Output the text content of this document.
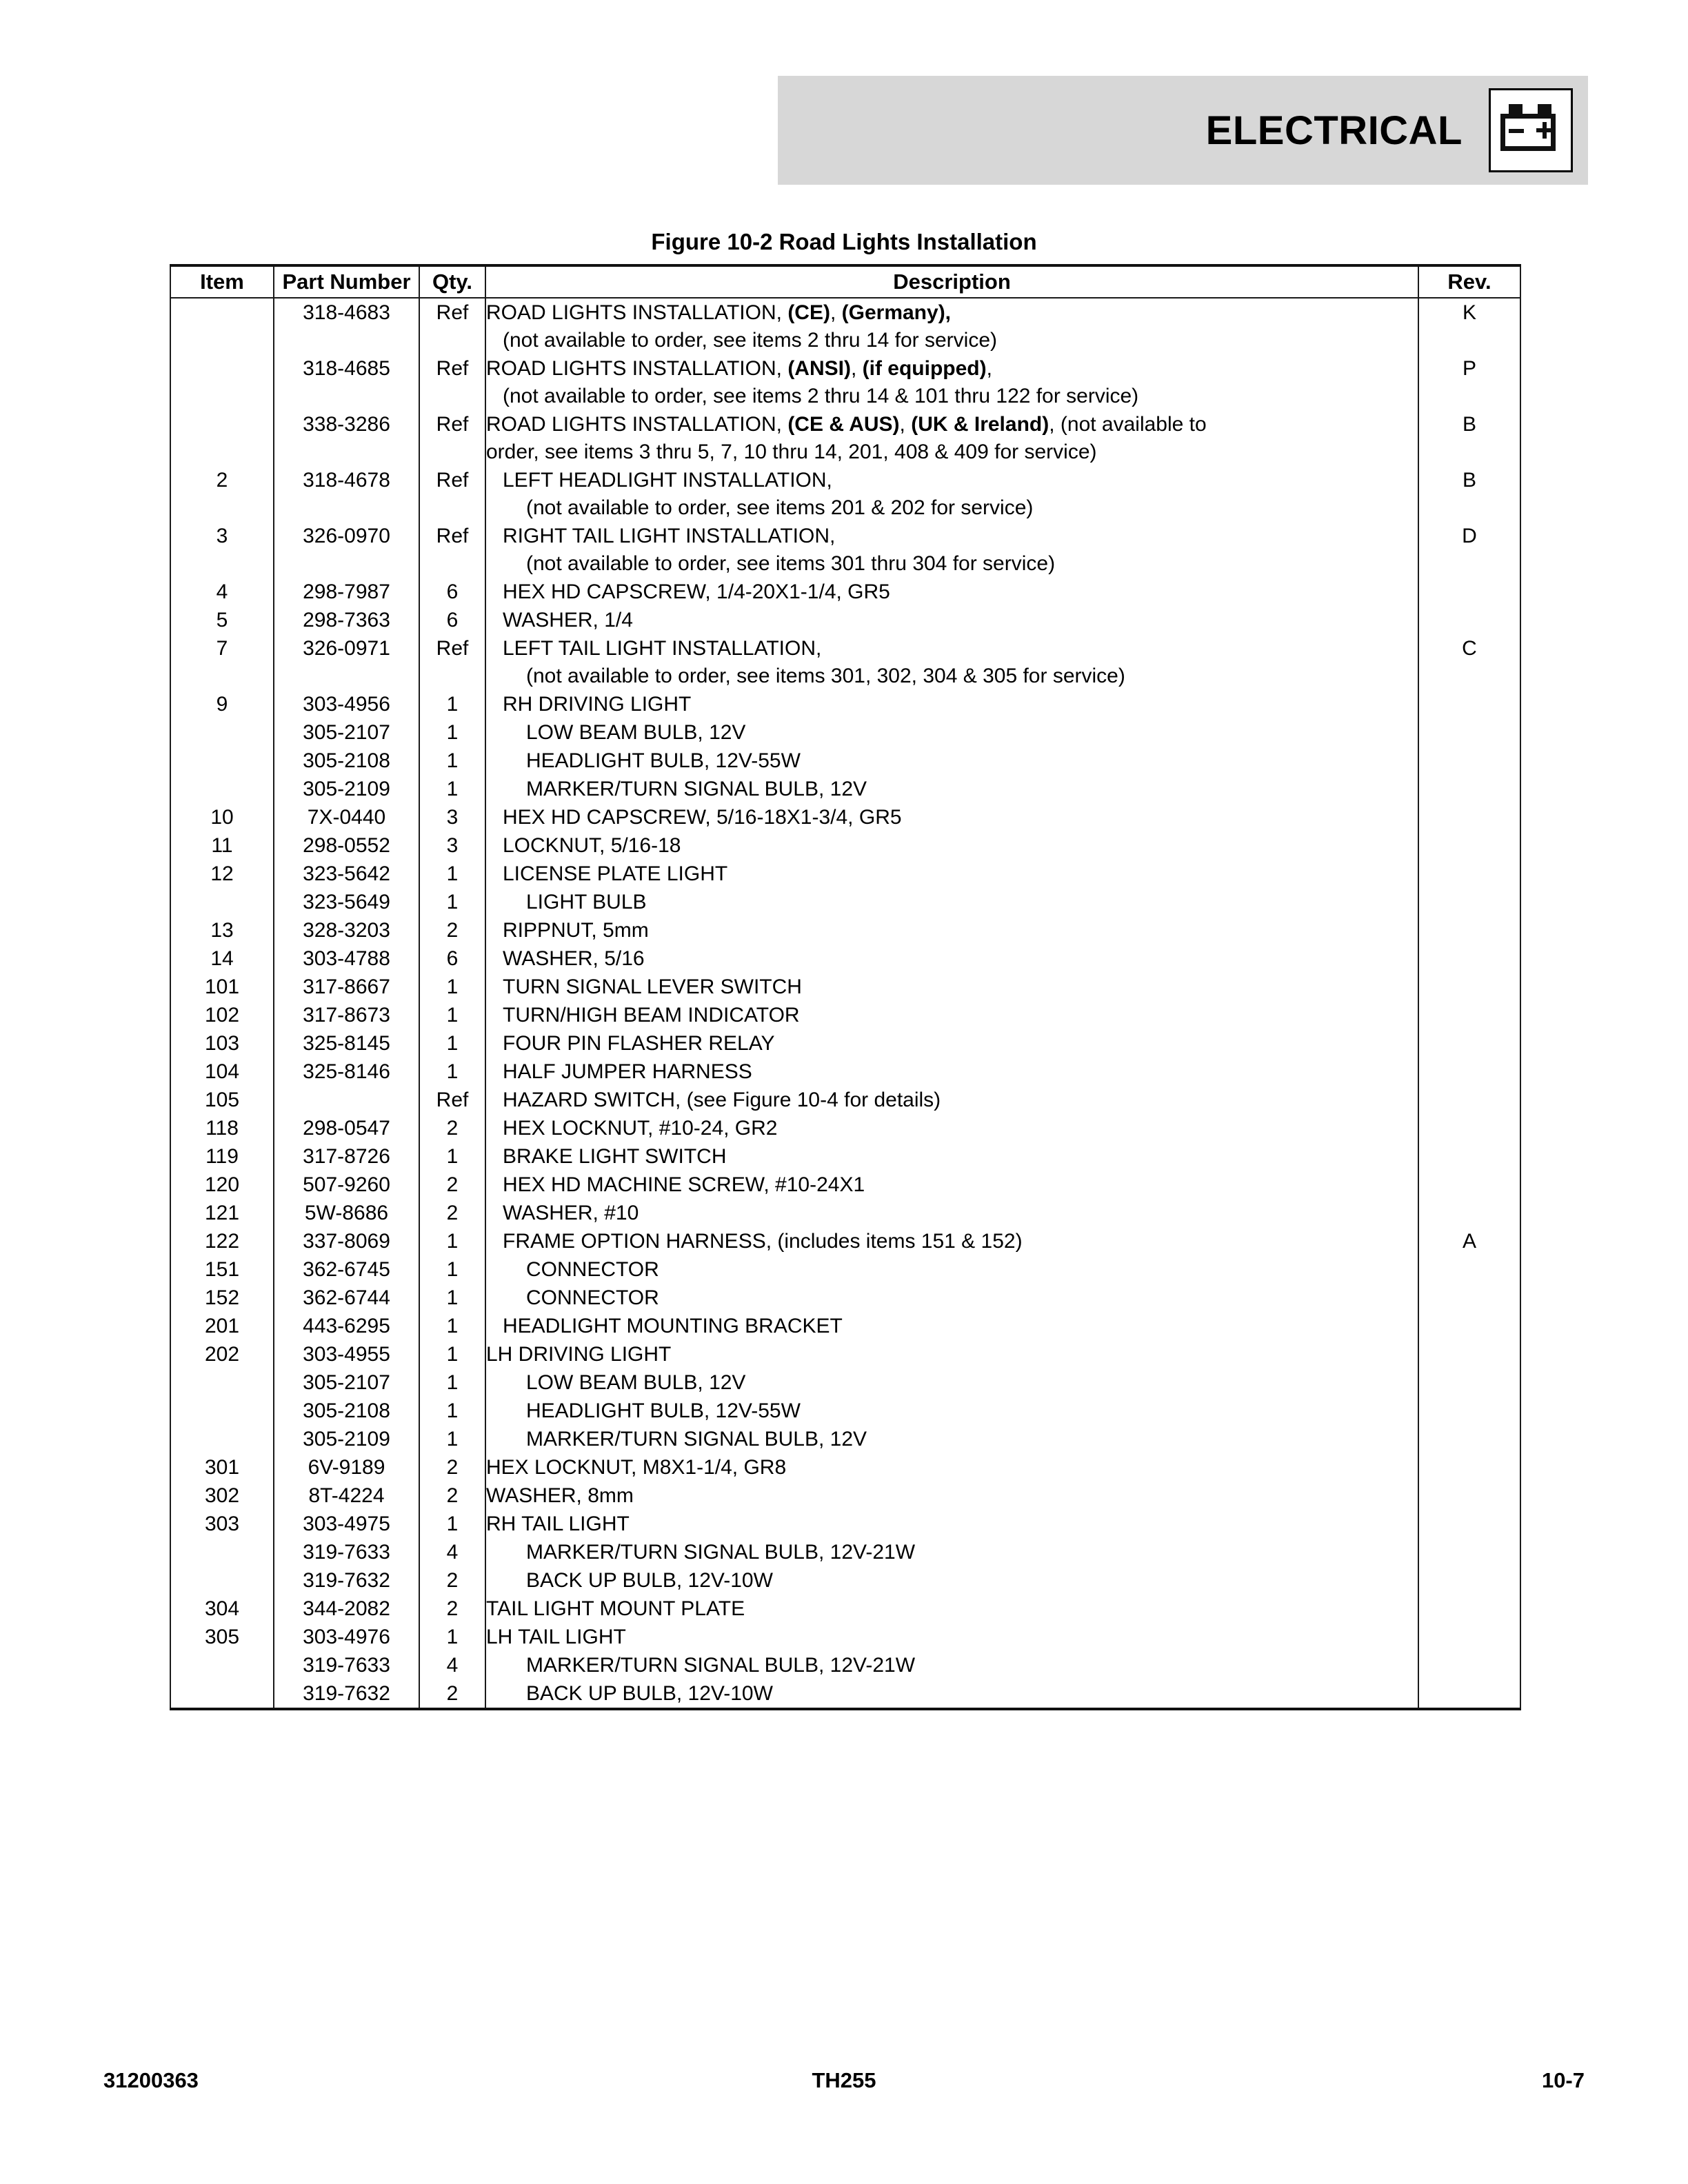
ELECTRICAL
Figure 10-2 Road Lights Installation
Item	Part Number	Qty.	Description	Rev.
	318-4683	Ref	ROAD LIGHTS INSTALLATION, (CE), (Germany),	K
			(not available to order, see items 2 thru 14 for service)	
	318-4685	Ref	ROAD LIGHTS INSTALLATION, (ANSI), (if equipped),	P
			(not available to order, see items 2 thru 14 & 101 thru 122 for service)	
	338-3286	Ref	ROAD LIGHTS INSTALLATION, (CE & AUS), (UK & Ireland), (not available to	B
			order, see items 3 thru 5, 7, 10 thru 14, 201, 408 & 409 for service)	
2	318-4678	Ref	LEFT HEADLIGHT INSTALLATION,	B
			(not available to order, see items 201 & 202 for service)	
3	326-0970	Ref	RIGHT TAIL LIGHT INSTALLATION,	D
			(not available to order, see items 301 thru 304 for service)	
4	298-7987	6	HEX HD CAPSCREW, 1/4-20X1-1/4, GR5	
5	298-7363	6	WASHER, 1/4	
7	326-0971	Ref	LEFT TAIL LIGHT INSTALLATION,	C
			(not available to order, see items 301, 302, 304 & 305 for service)	
9	303-4956	1	RH DRIVING LIGHT	
	305-2107	1	LOW BEAM BULB, 12V	
	305-2108	1	HEADLIGHT BULB, 12V-55W	
	305-2109	1	MARKER/TURN SIGNAL BULB, 12V	
10	7X-0440	3	HEX HD CAPSCREW, 5/16-18X1-3/4, GR5	
11	298-0552	3	LOCKNUT, 5/16-18	
12	323-5642	1	LICENSE PLATE LIGHT	
	323-5649	1	LIGHT BULB	
13	328-3203	2	RIPPNUT, 5mm	
14	303-4788	6	WASHER, 5/16	
101	317-8667	1	TURN SIGNAL LEVER SWITCH	
102	317-8673	1	TURN/HIGH BEAM INDICATOR	
103	325-8145	1	FOUR PIN FLASHER RELAY	
104	325-8146	1	HALF JUMPER HARNESS	
105		Ref	HAZARD SWITCH, (see Figure 10-4 for details)	
118	298-0547	2	HEX LOCKNUT, #10-24, GR2	
119	317-8726	1	BRAKE LIGHT SWITCH	
120	507-9260	2	HEX HD MACHINE SCREW, #10-24X1	
121	5W-8686	2	WASHER, #10	
122	337-8069	1	FRAME OPTION HARNESS, (includes items 151 & 152)	A
151	362-6745	1	CONNECTOR	
152	362-6744	1	CONNECTOR	
201	443-6295	1	HEADLIGHT MOUNTING BRACKET	
202	303-4955	1	LH DRIVING LIGHT	
	305-2107	1	LOW BEAM BULB, 12V	
	305-2108	1	HEADLIGHT BULB, 12V-55W	
	305-2109	1	MARKER/TURN SIGNAL BULB, 12V	
301	6V-9189	2	HEX LOCKNUT, M8X1-1/4, GR8	
302	8T-4224	2	WASHER, 8mm	
303	303-4975	1	RH TAIL LIGHT	
	319-7633	4	MARKER/TURN SIGNAL BULB, 12V-21W	
	319-7632	2	BACK UP BULB, 12V-10W	
304	344-2082	2	TAIL LIGHT MOUNT PLATE	
305	303-4976	1	LH TAIL LIGHT	
	319-7633	4	MARKER/TURN SIGNAL BULB, 12V-21W	
	319-7632	2	BACK UP BULB, 12V-10W	
31200363	TH255	10-7
